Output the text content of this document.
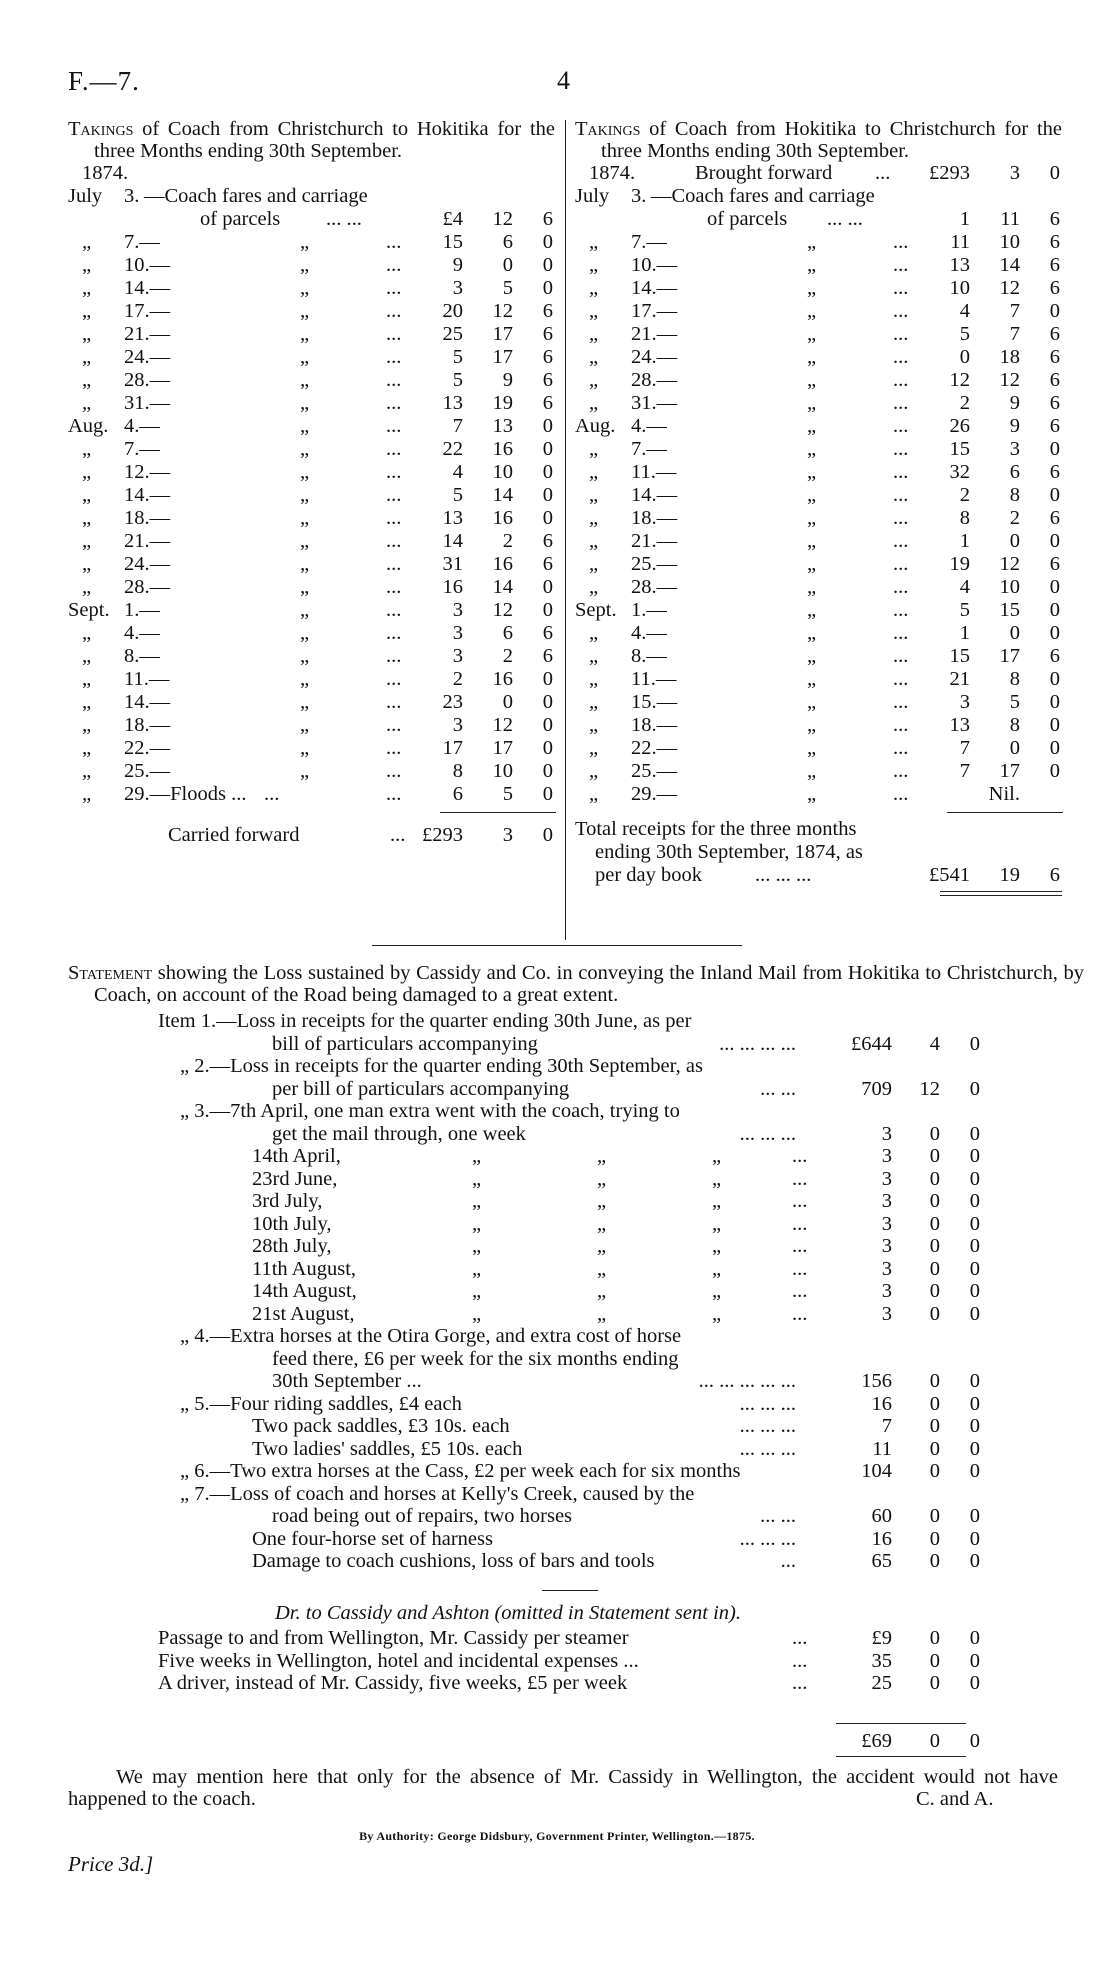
F.—7.	4
Takings of Coach from Christchurch to Hokitika for the three Months ending 30th September.
1874.
July 3. —Coach fares and carriage
of parcels ... ...	£4	12	6
„ 7.—	„	... 15	6	0
„ 10.—	„	...	9	0	0
„ 14.—	„	...	3	5	0
„ 17.—	„	... 20	12	6
„ 21.—	„	... 25	17	6
„ 24.—	„	...	5	17	6
„ 28.—	„	...	5	9	6
„ 31.—	„	... 13	19	6
Aug. 4.—	„	...	7	13	0
„ 7.—	„	... 22	16	0
„ 12.—	„	...	4	10	0
„ 14.—	„	...	5	14	0
„ 18.—	„	... 13	16	0
„ 21.—	„	... 14	2	6
„ 24.—	„	... 31	16	6
„ 28.—	„	... 16	14	0
Sept. 1.—	„	...	3	12	0
„ 4.—	„	...	3	6	6
„ 8.—	„	...	3	2	6
„ 11.—	„	...	2	16	0
„ 14.—	„	... 23	0	0
„ 18.—	„	...	3	12	0
„ 22.—	„	... 17	17	0
„ 25.—	„	...	8	10	0
„ 29.—Floods ... ...	...	6	5	0
Carried forward	... £293	3	0
Takings of Coach from Hokitika to Christchurch for the three Months ending 30th September.
1874.	Brought forward ... £293	3	0
July 3. —Coach fares and carriage
of parcels ... ...	1	11	6
„ 7.—	„	... 11	10	6
„ 10.—	„	... 13	14	6
„ 14.—	„	... 10	12	6
„ 17.—	„	...	4	7	0
„ 21.—	„	...	5	7	6
„ 24.—	„	...	0	18	6
„ 28.—	„	... 12	12	6
„ 31.—	„	...	2	9	6
Aug. 4.—	„	... 26	9	6
„ 7.—	„	... 15	3	0
„ 11.—	„	... 32	6	6
„ 14.—	„	...	2	8	0
„ 18.—	„	...	8	2	6
„ 21.—	„	...	1	0	0
„ 25.—	„	... 19	12	6
„ 28.—	„	...	4	10	0
Sept. 1.—	„	...	5	15	0
„ 4.—	„	...	1	0	0
„ 8.—	„	... 15	17	6
„ 11.—	„	... 21	8	0
„ 15.—	„	...	3	5	0
„ 18.—	„	... 13	8	0
„ 22.—	„	...	7	0	0
„ 25.—	„	...	7	17	0
„ 29.—	„	...	Nil.
Total receipts for the three months
ending 30th September, 1874, as
per day book	... ... ...	£541	19	6
Statement showing the Loss sustained by Cassidy and Co. in conveying the Inland Mail from Hokitika to Christchurch, by Coach, on account of the Road being damaged to a great extent.
Item 1.—Loss in receipts for the quarter ending 30th June, as per
bill of particulars accompanying	... ... ... ...	£644	4	0
„ 2.—Loss in receipts for the quarter ending 30th September, as
per bill of particulars accompanying	... ...	709	12	0
„ 3.—7th April, one man extra went with the coach, trying to
get the mail through, one week	... ... ...	3	0	0
14th April,	„	„	„	...	3	0	0
23rd June,	„	„	„	...	3	0	0
3rd July,	„	„	„	...	3	0	0
10th July,	„	„	„	...	3	0	0
28th July,	„	„	„	...	3	0	0
11th August,	„	„	„	...	3	0	0
14th August,	„	„	„	...	3	0	0
21st August,	„	„	„	...	3	0	0
„ 4.—Extra horses at the Otira Gorge, and extra cost of horse
feed there, £6 per week for the six months ending
30th September ...	... ... ... ... ...	156	0	0
„ 5.—Four riding saddles, £4 each	... ... ...	16	0	0
Two pack saddles, £3 10s. each	... ... ...	7	0	0
Two ladies' saddles, £5 10s. each	... ... ...	11	0	0
„ 6.—Two extra horses at the Cass, £2 per week each for six months	104	0	0
„ 7.—Loss of coach and horses at Kelly's Creek, caused by the
road being out of repairs, two horses	... ...	60	0	0
One four-horse set of harness	... ... ...	16	0	0
Damage to coach cushions, loss of bars and tools	...	65	0	0
Dr. to Cassidy and Ashton (omitted in Statement sent in).
Passage to and from Wellington, Mr. Cassidy per steamer	...	£9	0	0
Five weeks in Wellington, hotel and incidental expenses ...	...	35	0	0
A driver, instead of Mr. Cassidy, five weeks, £5 per week	...	25	0	0
£69	0	0
We may mention here that only for the absence of Mr. Cassidy in Wellington, the accident would not have happened to the coach.	C. and A.
By Authority: George Didsbury, Government Printer, Wellington.—1875.
Price 3d.]
